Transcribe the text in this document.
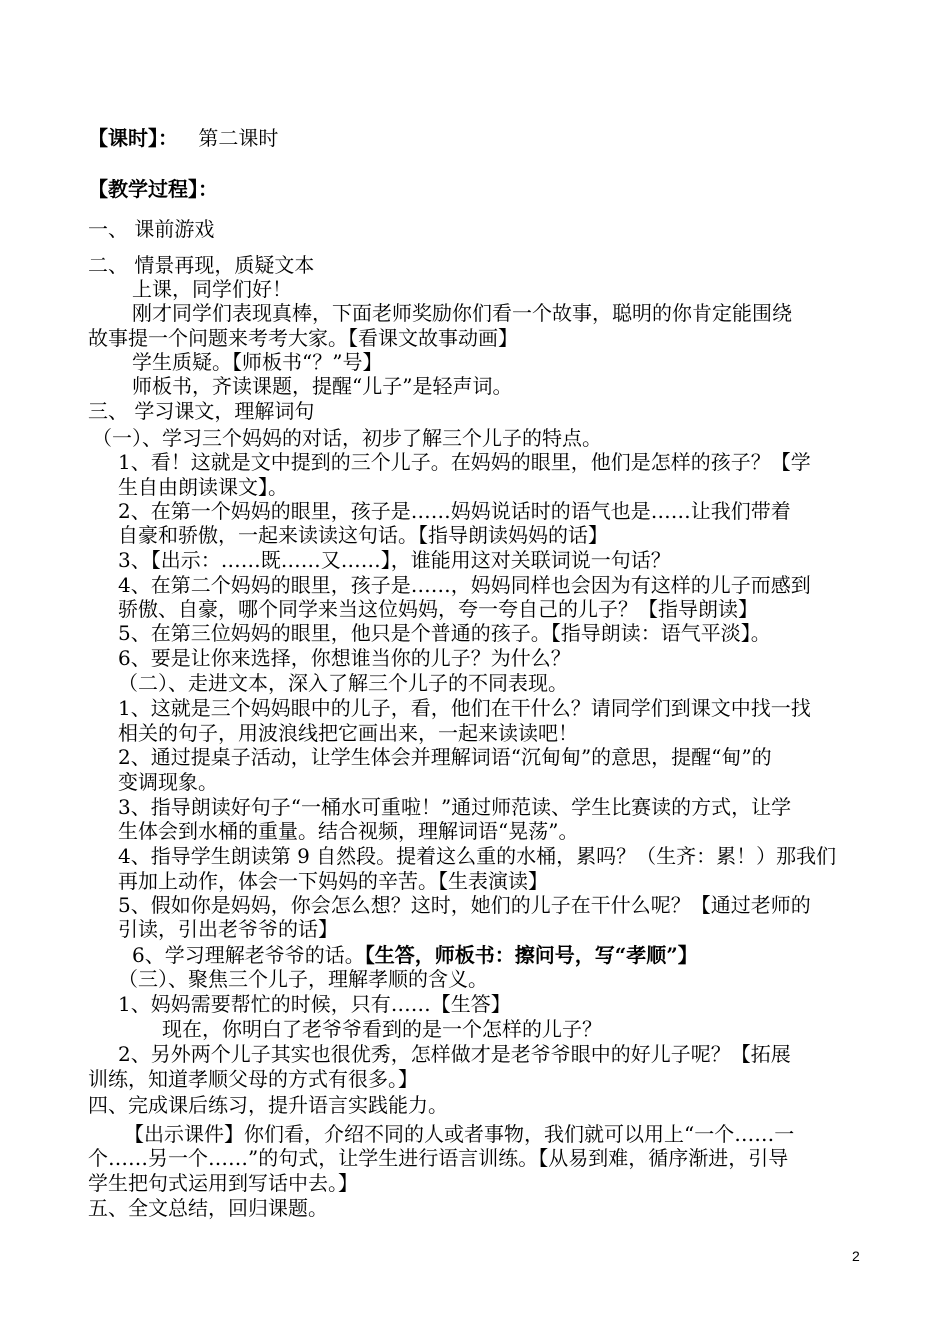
【课时】： 第二课时
【教学过程】：
一、 课前游戏
二、 情景再现，质疑文本
上课，同学们好！
刚才同学们表现真棒，下面老师奖励你们看一个故事，聪明的你肯定能围绕
故事提一个问题来考考大家。【看课文故事动画】
学生质疑。【师板书“？”号】
师板书，齐读课题，提醒“儿子”是轻声词。
三、 学习课文，理解词句
（一）、学习三个妈妈的对话，初步了解三个儿子的特点。
1、看！这就是文中提到的三个儿子。在妈妈的眼里，他们是怎样的孩子？【学
生自由朗读课文】。
2、在第一个妈妈的眼里，孩子是……妈妈说话时的语气也是……让我们带着
自豪和骄傲，一起来读读这句话。【指导朗读妈妈的话】
3、【出示：……既……又……】，谁能用这对关联词说一句话？
4、在第二个妈妈的眼里，孩子是……，妈妈同样也会因为有这样的儿子而感到
骄傲、自豪，哪个同学来当这位妈妈，夸一夸自己的儿子？【指导朗读】
5、在第三位妈妈的眼里，他只是个普通的孩子。【指导朗读：语气平淡】。
6、要是让你来选择，你想谁当你的儿子？为什么？
（二）、走进文本，深入了解三个儿子的不同表现。
1、这就是三个妈妈眼中的儿子，看，他们在干什么？请同学们到课文中找一找
相关的句子，用波浪线把它画出来，一起来读读吧！
2、通过提桌子活动，让学生体会并理解词语“沉甸甸”的意思，提醒“甸”的
变调现象。
3、指导朗读好句子“一桶水可重啦！”通过师范读、学生比赛读的方式，让学
生体会到水桶的重量。结合视频，理解词语“晃荡”。
4、指导学生朗读第 9 自然段。提着这么重的水桶，累吗？（生齐：累！）那我们
再加上动作，体会一下妈妈的辛苦。【生表演读】
5、假如你是妈妈，你会怎么想？这时，她们的儿子在干什么呢？【通过老师的
引读，引出老爷爷的话】
6、学习理解老爷爷的话。【生答，师板书：擦问号，写“孝顺”】
（三）、聚焦三个儿子，理解孝顺的含义。
1、妈妈需要帮忙的时候，只有……【生答】
现在，你明白了老爷爷看到的是一个怎样的儿子？
2、另外两个儿子其实也很优秀，怎样做才是老爷爷眼中的好儿子呢？【拓展
训练，知道孝顺父母的方式有很多。】
四、完成课后练习，提升语言实践能力。
【出示课件】你们看，介绍不同的人或者事物，我们就可以用上“一个……一
个……另一个……”的句式，让学生进行语言训练。【从易到难，循序渐进，引导
学生把句式运用到写话中去。】
五、全文总结，回归课题。
2
